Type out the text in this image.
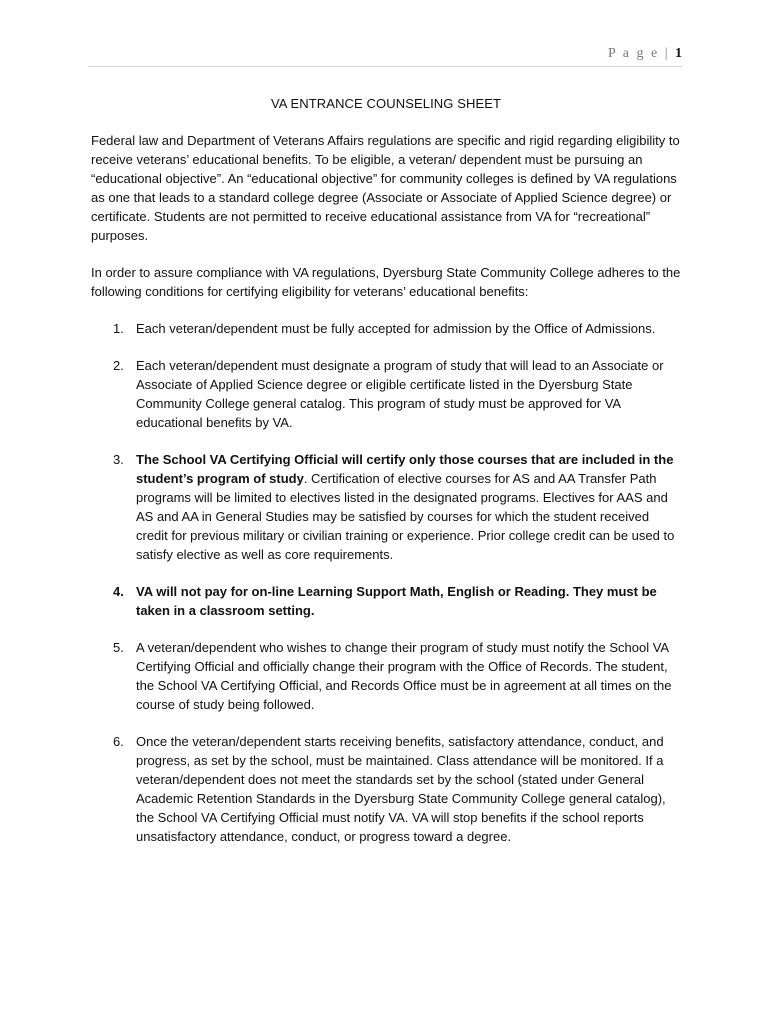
P a g e | 1
VA ENTRANCE COUNSELING SHEET

Federal law and Department of Veterans Affairs regulations are specific and rigid regarding eligibility to receive veterans’ educational benefits. To be eligible, a veteran/ dependent must be pursuing an “educational objective”. An “educational objective” for community colleges is defined by VA regulations as one that leads to a standard college degree (Associate or Associate of Applied Science degree) or certificate. Students are not permitted to receive educational assistance from VA for “recreational” purposes.

In order to assure compliance with VA regulations, Dyersburg State Community College adheres to the following conditions for certifying eligibility for veterans’ educational benefits:

1. Each veteran/dependent must be fully accepted for admission by the Office of Admissions.
2. Each veteran/dependent must designate a program of study that will lead to an Associate or Associate of Applied Science degree or eligible certificate listed in the Dyersburg State Community College general catalog. This program of study must be approved for VA educational benefits by VA.
3. The School VA Certifying Official will certify only those courses that are included in the student’s program of study. Certification of elective courses for AS and AA Transfer Path programs will be limited to electives listed in the designated programs. Electives for AAS and AS and AA in General Studies may be satisfied by courses for which the student received credit for previous military or civilian training or experience. Prior college credit can be used to satisfy elective as well as core requirements.
4. VA will not pay for on-line Learning Support Math, English or Reading. They must be taken in a classroom setting.
5. A veteran/dependent who wishes to change their program of study must notify the School VA Certifying Official and officially change their program with the Office of Records. The student, the School VA Certifying Official, and Records Office must be in agreement at all times on the course of study being followed.
6. Once the veteran/dependent starts receiving benefits, satisfactory attendance, conduct, and progress, as set by the school, must be maintained. Class attendance will be monitored. If a veteran/dependent does not meet the standards set by the school (stated under General Academic Retention Standards in the Dyersburg State Community College general catalog), the School VA Certifying Official must notify VA. VA will stop benefits if the school reports unsatisfactory attendance, conduct, or progress toward a degree.
